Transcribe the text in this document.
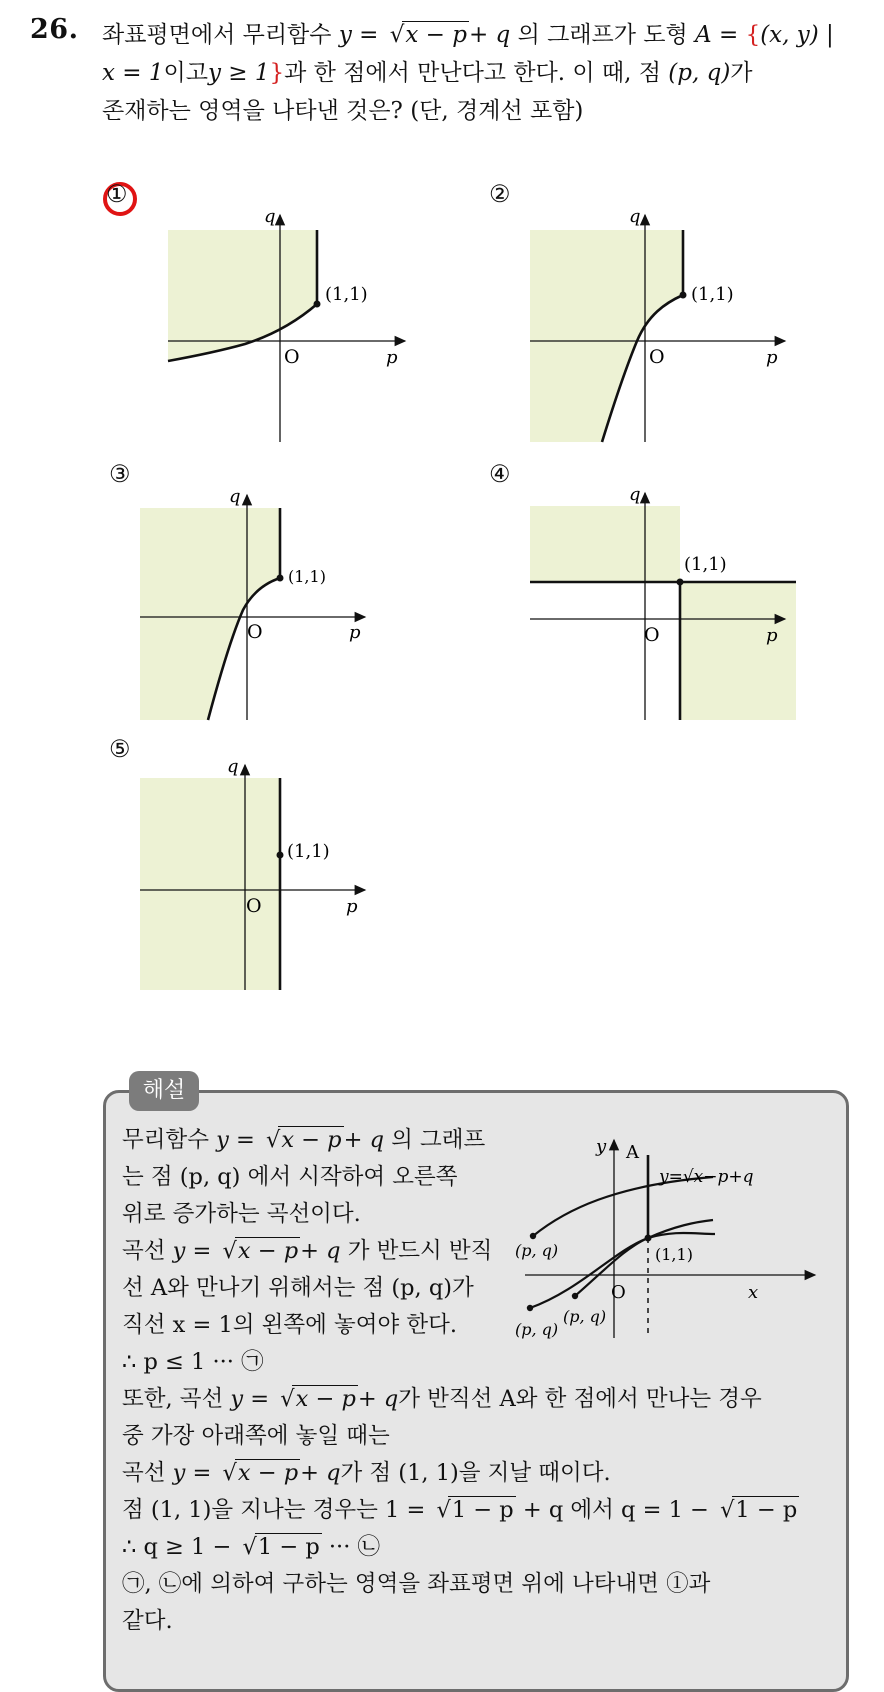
26. 좌표평면에서 무리함수 y = √ x − p+ q 의 그래프가 도형 A = {(x, y) |
x = 1이고y ≥ 1}과 한 점에서 만난다고 한다. 이 때, 점 (p, q)가
존재하는 영역을 나타낸 것은? (단, 경계선 포함)
①	②
③	④
⑤
q
p
O
(1,1)
q
p
O
(1,1)
q
p
O
(1,1)
q
p
O
(1,1)
q
p
O
(1,1)
해설
무리함수 y = √ x − p+ q 의 그래프
는 점 (p, q) 에서 시작하여 오른쪽
위로 증가하는 곡선이다.
곡선 y = √ x − p+ q 가 반드시 반직
선 A와 만나기 위해서는 점 (p, q)가
직선 x = 1의 왼쪽에 놓여야 한다.
∴ p ≤ 1 ··· ㉠
또한, 곡선 y = √ x − p+ q가 반직선 A와 한 점에서 만나는 경우
중 가장 아래쪽에 놓일 때는
곡선 y = √ x − p+ q가 점 (1, 1)을 지날 때이다.
점 (1, 1)을 지나는 경우는 1 = √ 1 − p + q 에서 q = 1 − √ 1 − p
∴ q ≥ 1 − √ 1 − p ··· ㉡
㉠, ㉡에 의하여 구하는 영역을 좌표평면 위에 나타내면 ①과
같다.
y
x
A
O
y=√x−p+q
(1,1)
(p, q)
(p, q)
(p, q)
